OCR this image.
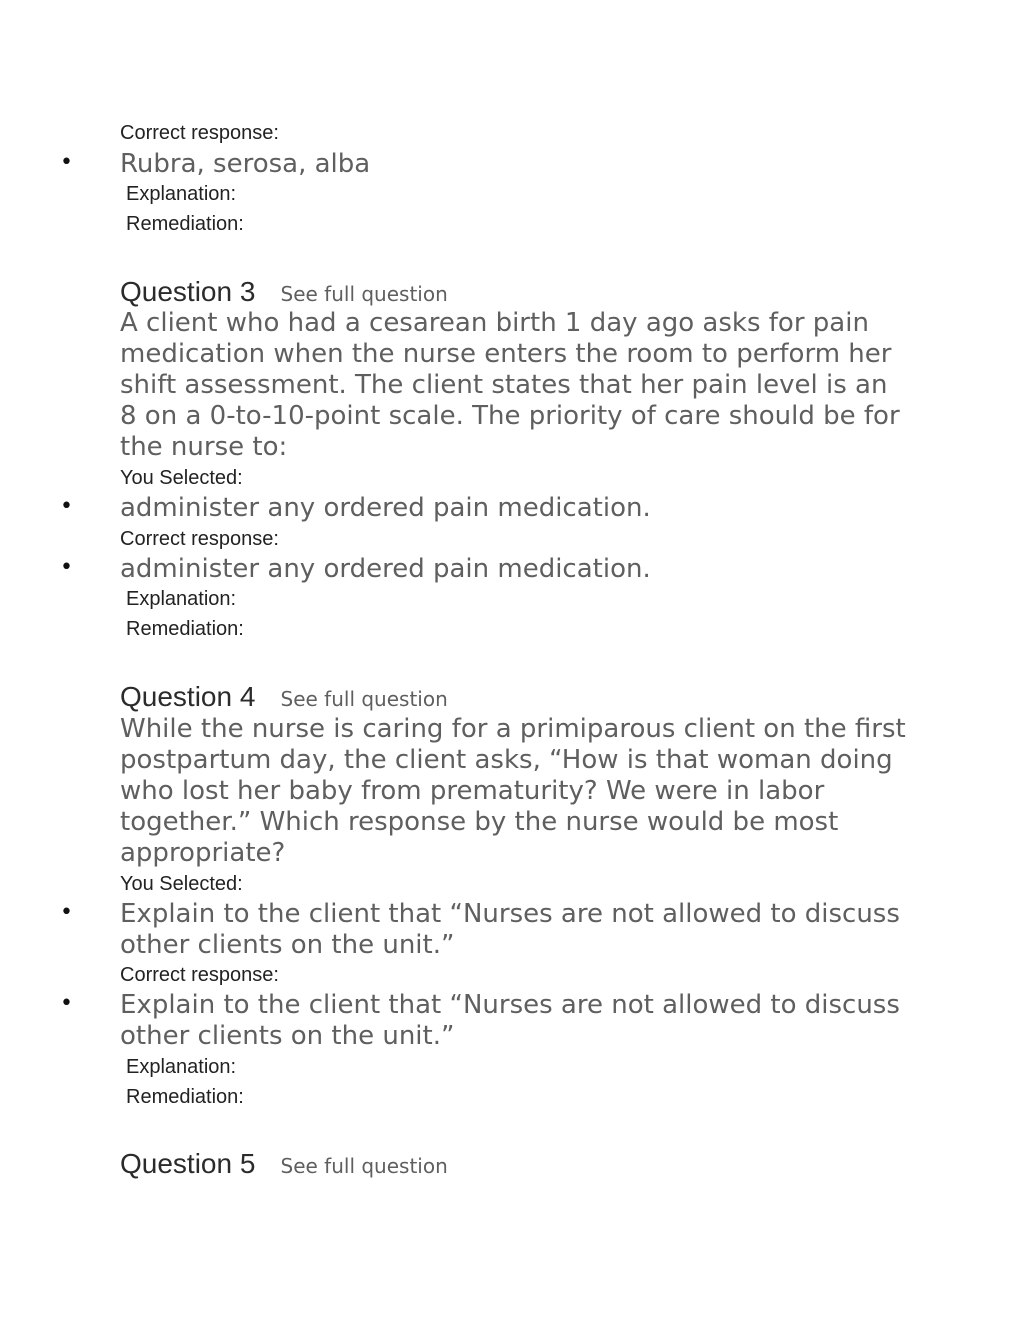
Correct response:
• Rubra, serosa, alba
Explanation:
Remediation:
Question 3 See full question
A client who had a cesarean birth 1 day ago asks for pain medication when the nurse enters the room to perform her shift assessment. The client states that her pain level is an 8 on a 0-to-10-point scale. The priority of care should be for the nurse to:
You Selected:
• administer any ordered pain medication.
Correct response:
• administer any ordered pain medication.
Explanation:
Remediation:
Question 4 See full question
While the nurse is caring for a primiparous client on the first postpartum day, the client asks, “How is that woman doing who lost her baby from prematurity? We were in labor together.” Which response by the nurse would be most appropriate?
You Selected:
• Explain to the client that “Nurses are not allowed to discuss other clients on the unit.”
Correct response:
• Explain to the client that “Nurses are not allowed to discuss other clients on the unit.”
Explanation:
Remediation:
Question 5 See full question
